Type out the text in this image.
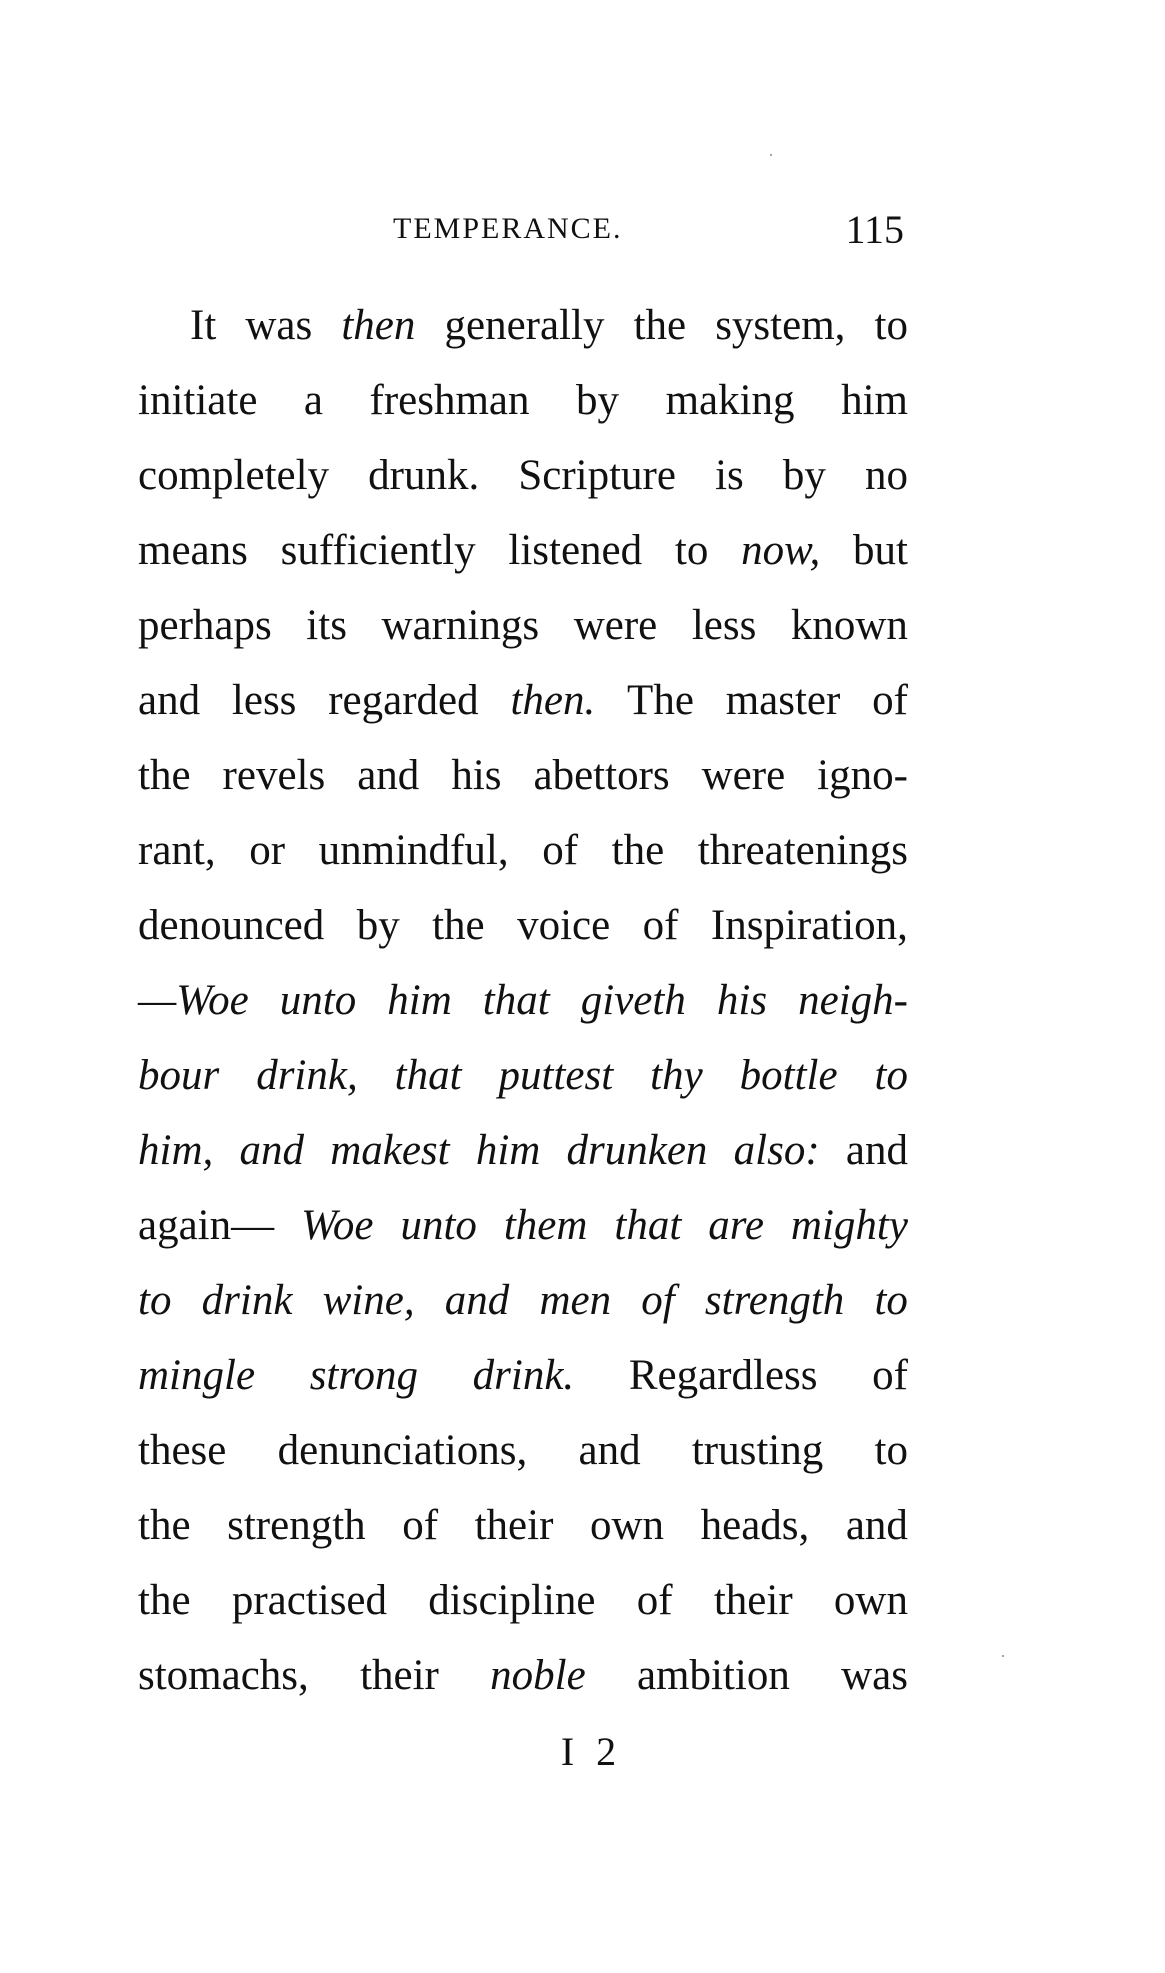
TEMPERANCE.	115
It was then generally the system, to
initiate a freshman by making him
completely drunk. Scripture is by no
means sufficiently listened to now, but
perhaps its warnings were less known
and less regarded then. The master of
the revels and his abettors were igno-
rant, or unmindful, of the threatenings
denounced by the voice of Inspiration,
—Woe unto him that giveth his neigh-
bour drink, that puttest thy bottle to
him, and makest him drunken also: and
again— Woe unto them that are mighty
to drink wine, and men of strength to
mingle strong drink. Regardless of
these denunciations, and trusting to
the strength of their own heads, and
the practised discipline of their own
stomachs, their noble ambition was
I 2
